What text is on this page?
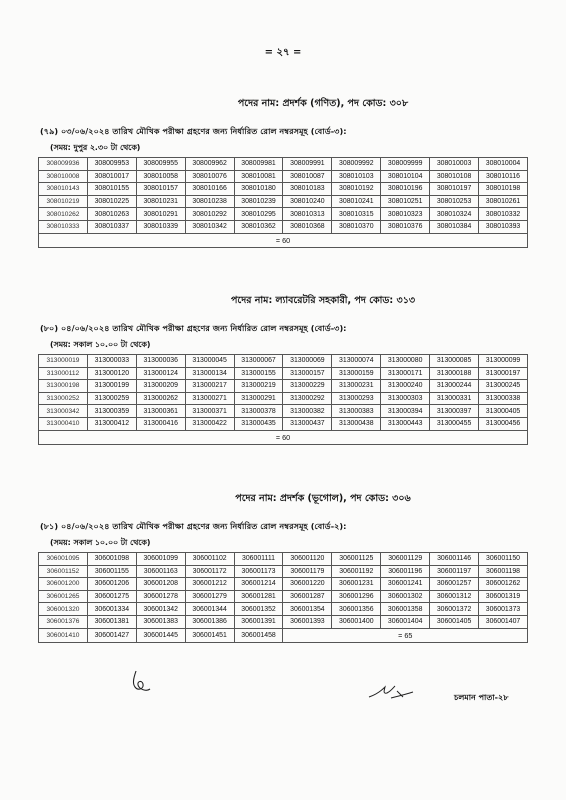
= ২৭ =
পদের নাম: প্রদর্শক (গণিত), পদ কোড: ৩০৮
(৭৯) ০৩/০৬/২০২৪ তারিখ মৌখিক পরীক্ষা গ্রহণের জন্য নির্ধারিত রোল নম্বরসমূহ (বোর্ড-৩):
(সময়: দুপুর ২.৩০ টা থেকে)
308009936	308009953	308009955	308009962	308009981	308009991	308009992	308009999	308010003	308010004
308010008	308010017	308010058	308010076	308010081	308010087	308010103	308010104	308010108	308010116
308010143	308010155	308010157	308010166	308010180	308010183	308010192	308010196	308010197	308010198
308010219	308010225	308010231	308010238	308010239	308010240	308010241	308010251	308010253	308010261
308010262	308010263	308010291	308010292	308010295	308010313	308010315	308010323	308010324	308010332
308010333	308010337	308010339	308010342	308010362	308010368	308010370	308010376	308010384	308010393
= 60									
পদের নাম: ল্যাবরেটরি সহকারী, পদ কোড: ৩১৩
(৮০) ০৪/০৬/২০২৪ তারিখ মৌখিক পরীক্ষা গ্রহণের জন্য নির্ধারিত রোল নম্বরসমূহ (বোর্ড-৩):
(সময়: সকাল ১০.০০ টা থেকে)
313000019	313000033	313000036	313000045	313000067	313000069	313000074	313000080	313000085	313000099
313000112	313000120	313000124	313000134	313000155	313000157	313000159	313000171	313000188	313000197
313000198	313000199	313000209	313000217	313000219	313000229	313000231	313000240	313000244	313000245
313000252	313000259	313000262	313000271	313000291	313000292	313000293	313000303	313000331	313000338
313000342	313000359	313000361	313000371	313000378	313000382	313000383	313000394	313000397	313000405
313000410	313000412	313000416	313000422	313000435	313000437	313000438	313000443	313000455	313000456
= 60									
পদের নাম: প্রদর্শক (ভূগোল), পদ কোড: ৩০৬
(৮১) ০৪/০৬/২০২৪ তারিখ মৌখিক পরীক্ষা গ্রহণের জন্য নির্ধারিত রোল নম্বরসমূহ (বোর্ড-২):
(সময়: সকাল ১০.০০ টা থেকে)
306001095	306001098	306001099	306001102	306001111	306001120	306001125	306001129	306001146	306001150
306001152	306001155	306001163	306001172	306001173	306001179	306001192	306001196	306001197	306001198
306001200	306001206	306001208	306001212	306001214	306001220	306001231	306001241	306001257	306001262
306001265	306001275	306001278	306001279	306001281	306001287	306001296	306001302	306001312	306001319
306001320	306001334	306001342	306001344	306001352	306001354	306001356	306001358	306001372	306001373
306001376	306001381	306001383	306001386	306001391	306001393	306001400	306001404	306001405	306001407
306001410	306001427	306001445	306001451	306001458	= 65				
চলমান পাতা-২৮
